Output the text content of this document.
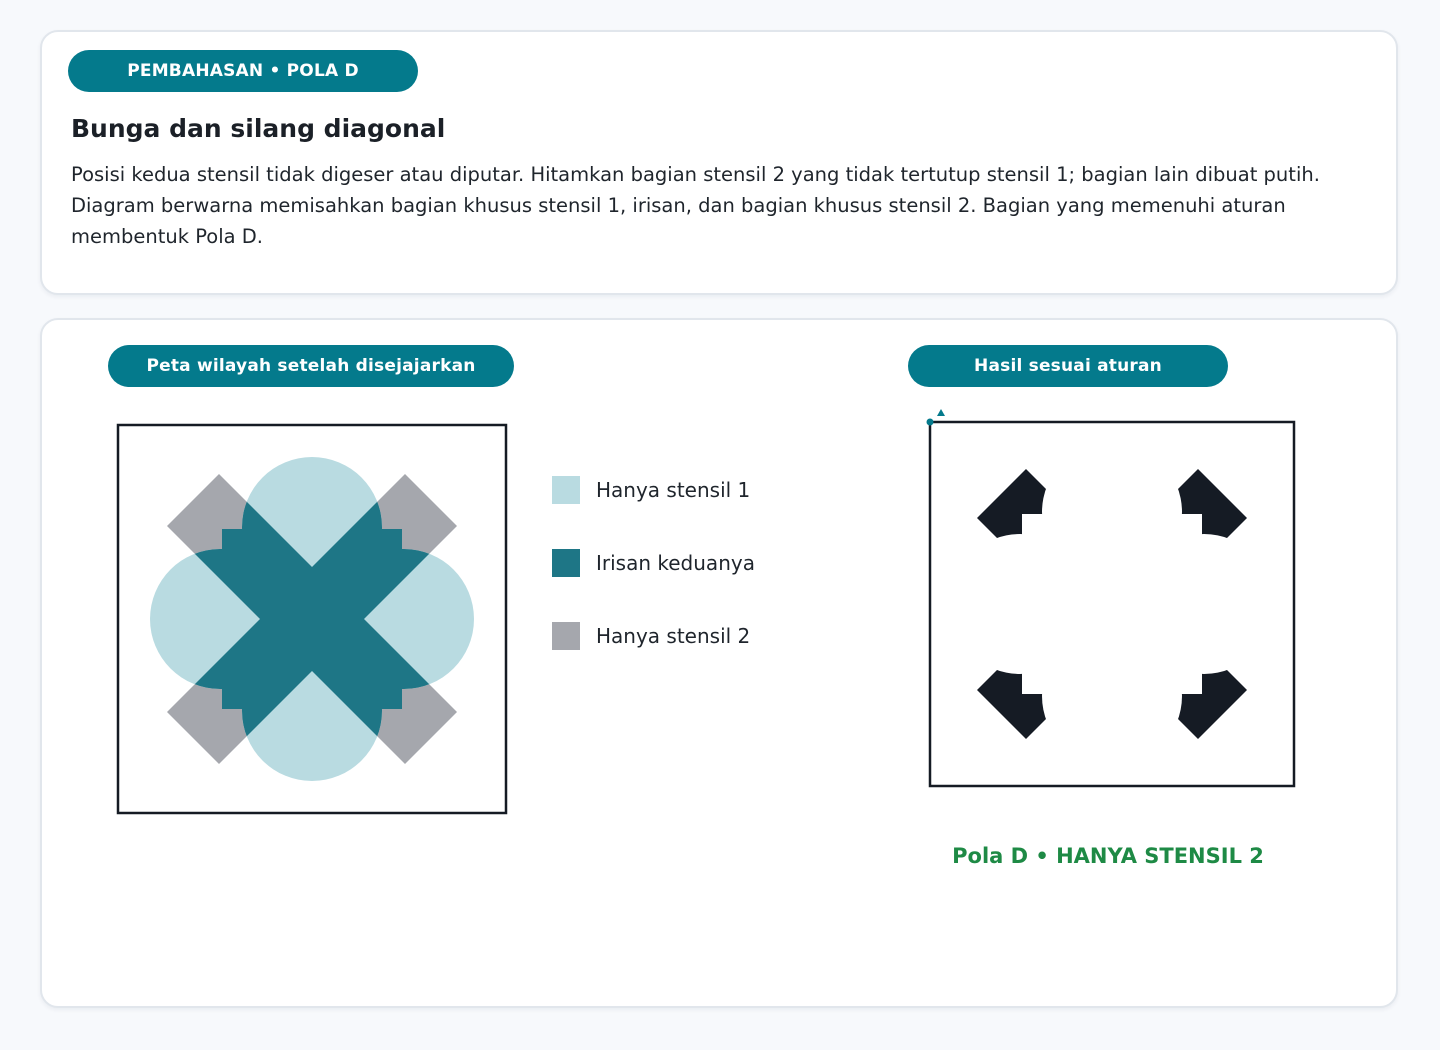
PEMBAHASAN • POLA D
Bunga dan silang diagonal
Posisi kedua stensil tidak digeser atau diputar. Hitamkan bagian stensil 2 yang tidak tertutup stensil 1; bagian lain dibuat putih. Diagram berwarna memisahkan bagian khusus stensil 1, irisan, dan bagian khusus stensil 2. Bagian yang memenuhi aturan membentuk Pola D.
Peta wilayah setelah disejajarkan	Hasil sesuai aturan
Hanya stensil 1
Irisan keduanya
Hanya stensil 2
Pola D • HANYA STENSIL 2
